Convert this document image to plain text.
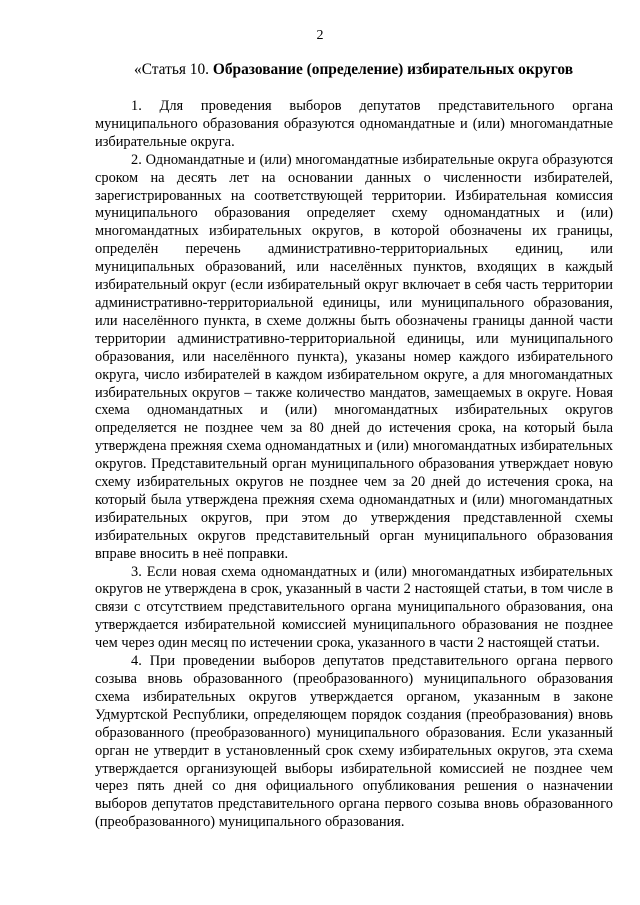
2
«Статья 10. Образование (определение) избирательных округов

1. Для проведения выборов депутатов представительного органа муниципального образования образуются одномандатные и (или) многомандатные избирательные округа.

2. Одномандатные и (или) многомандатные избирательные округа образуются сроком на десять лет на основании данных о численности избирателей, зарегистрированных на соответствующей территории. Избирательная комиссия муниципального образования определяет схему одномандатных и (или) многомандатных избирательных округов, в которой обозначены их границы, определён перечень административно-территориальных единиц, или муниципальных образований, или населённых пунктов, входящих в каждый избирательный округ (если избирательный округ включает в себя часть территории административно-территориальной единицы, или муниципального образования, или населённого пункта, в схеме должны быть обозначены границы данной части территории административно-территориальной единицы, или муниципального образования, или населённого пункта), указаны номер каждого избирательного округа, число избирателей в каждом избирательном округе, а для многомандатных избирательных округов – также количество мандатов, замещаемых в округе. Новая схема одномандатных и (или) многомандатных избирательных округов определяется не позднее чем за 80 дней до истечения срока, на который была утверждена прежняя схема одномандатных и (или) многомандатных избирательных округов. Представительный орган муниципального образования утверждает новую схему избирательных округов не позднее чем за 20 дней до истечения срока, на который была утверждена прежняя схема одномандатных и (или) многомандатных избирательных округов, при этом до утверждения представленной схемы избирательных округов представительный орган муниципального образования вправе вносить в неё поправки.

3. Если новая схема одномандатных и (или) многомандатных избирательных округов не утверждена в срок, указанный в части 2 настоящей статьи, в том числе в связи с отсутствием представительного органа муниципального образования, она утверждается избирательной комиссией муниципального образования не позднее чем через один месяц по истечении срока, указанного в части 2 настоящей статьи.

4. При проведении выборов депутатов представительного органа первого созыва вновь образованного (преобразованного) муниципального образования схема избирательных округов утверждается органом, указанным в законе Удмуртской Республики, определяющем порядок создания (преобразования) вновь образованного (преобразованного) муниципального образования. Если указанный орган не утвердит в установленный срок схему избирательных округов, эта схема утверждается организующей выборы избирательной комиссией не позднее чем через пять дней со дня официального опубликования решения о назначении выборов депутатов представительного органа первого созыва вновь образованного (преобразованного) муниципального образования.
